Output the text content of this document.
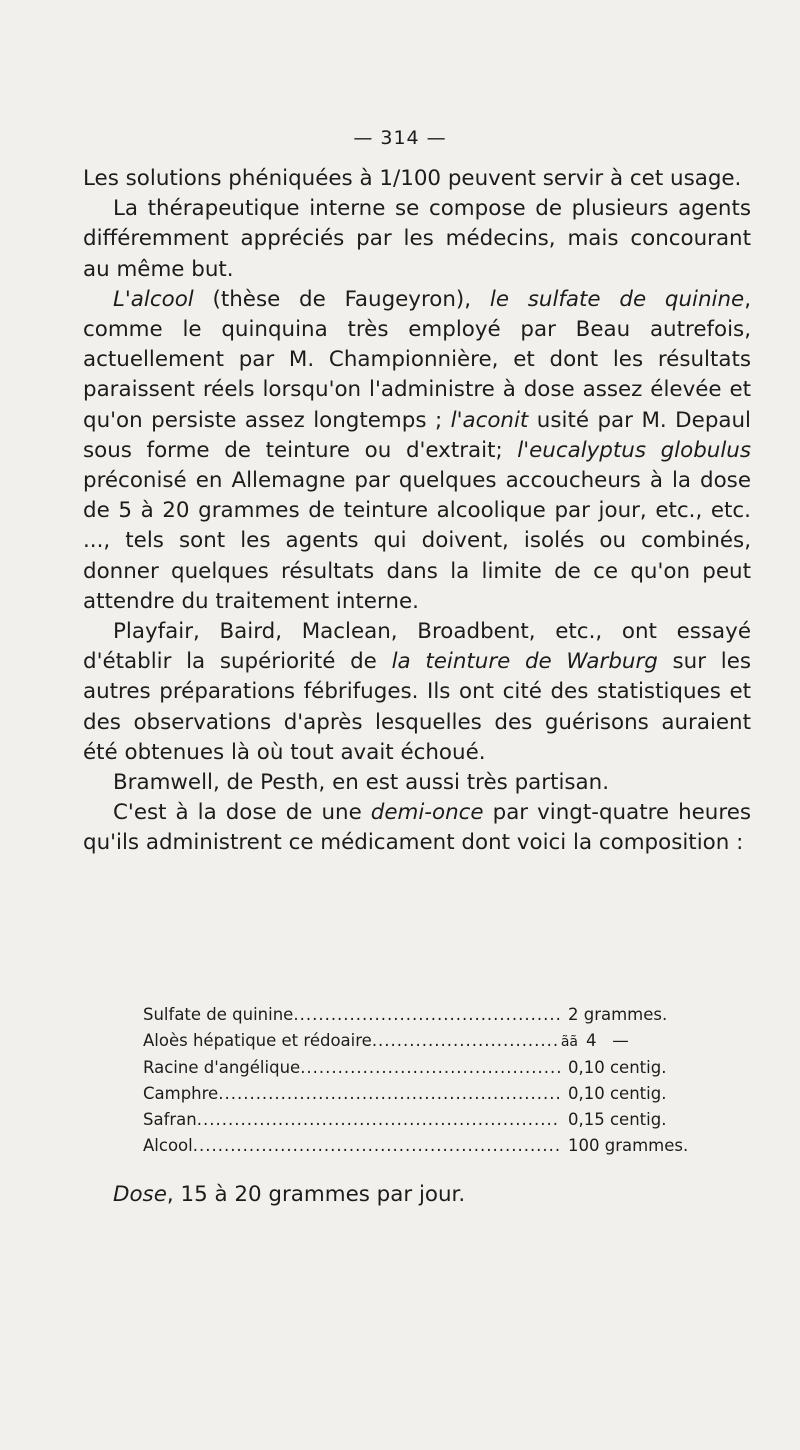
— 314 —

Les solutions phéniquées à 1/100 peuvent servir à cet usage.

La thérapeutique interne se compose de plusieurs agents différemment appréciés par les médecins, mais concourant au même but.

L'alcool (thèse de Faugeyron), le sulfate de quinine, comme le quinquina très employé par Beau autrefois, actuellement par M. Championnière, et dont les résultats paraissent réels lorsqu'on l'administre à dose assez élevée et qu'on persiste assez longtemps ; l'aconit usité par M. Depaul sous forme de teinture ou d'extrait; l'eucalyptus globulus préconisé en Allemagne par quelques accoucheurs à la dose de 5 à 20 grammes de teinture alcoolique par jour, etc., etc. ..., tels sont les agents qui doivent, isolés ou combinés, donner quelques résultats dans la limite de ce qu'on peut attendre du traitement interne.

Playfair, Baird, Maclean, Broadbent, etc., ont essayé d'établir la supériorité de la teinture de Warburg sur les autres préparations fébrifuges. Ils ont cité des statistiques et des observations d'après lesquelles des guérisons auraient été obtenues là où tout avait échoué.

Bramwell, de Pesth, en est aussi très partisan.

C'est à la dose de une demi-once par vingt-quatre heures qu'ils administrent ce médicament dont voici la composition :

Sulfate de quinine .....	2 grammes.
Aloès hépatique et rédoaire .....	ãã 4   —
Racine d'angélique .....	0,10 centig.
Camphre .....	0,10 centig.
Safran .....	0,15 centig.
Alcool .....	100 grammes.
Dose, 15 à 20 grammes par jour.
